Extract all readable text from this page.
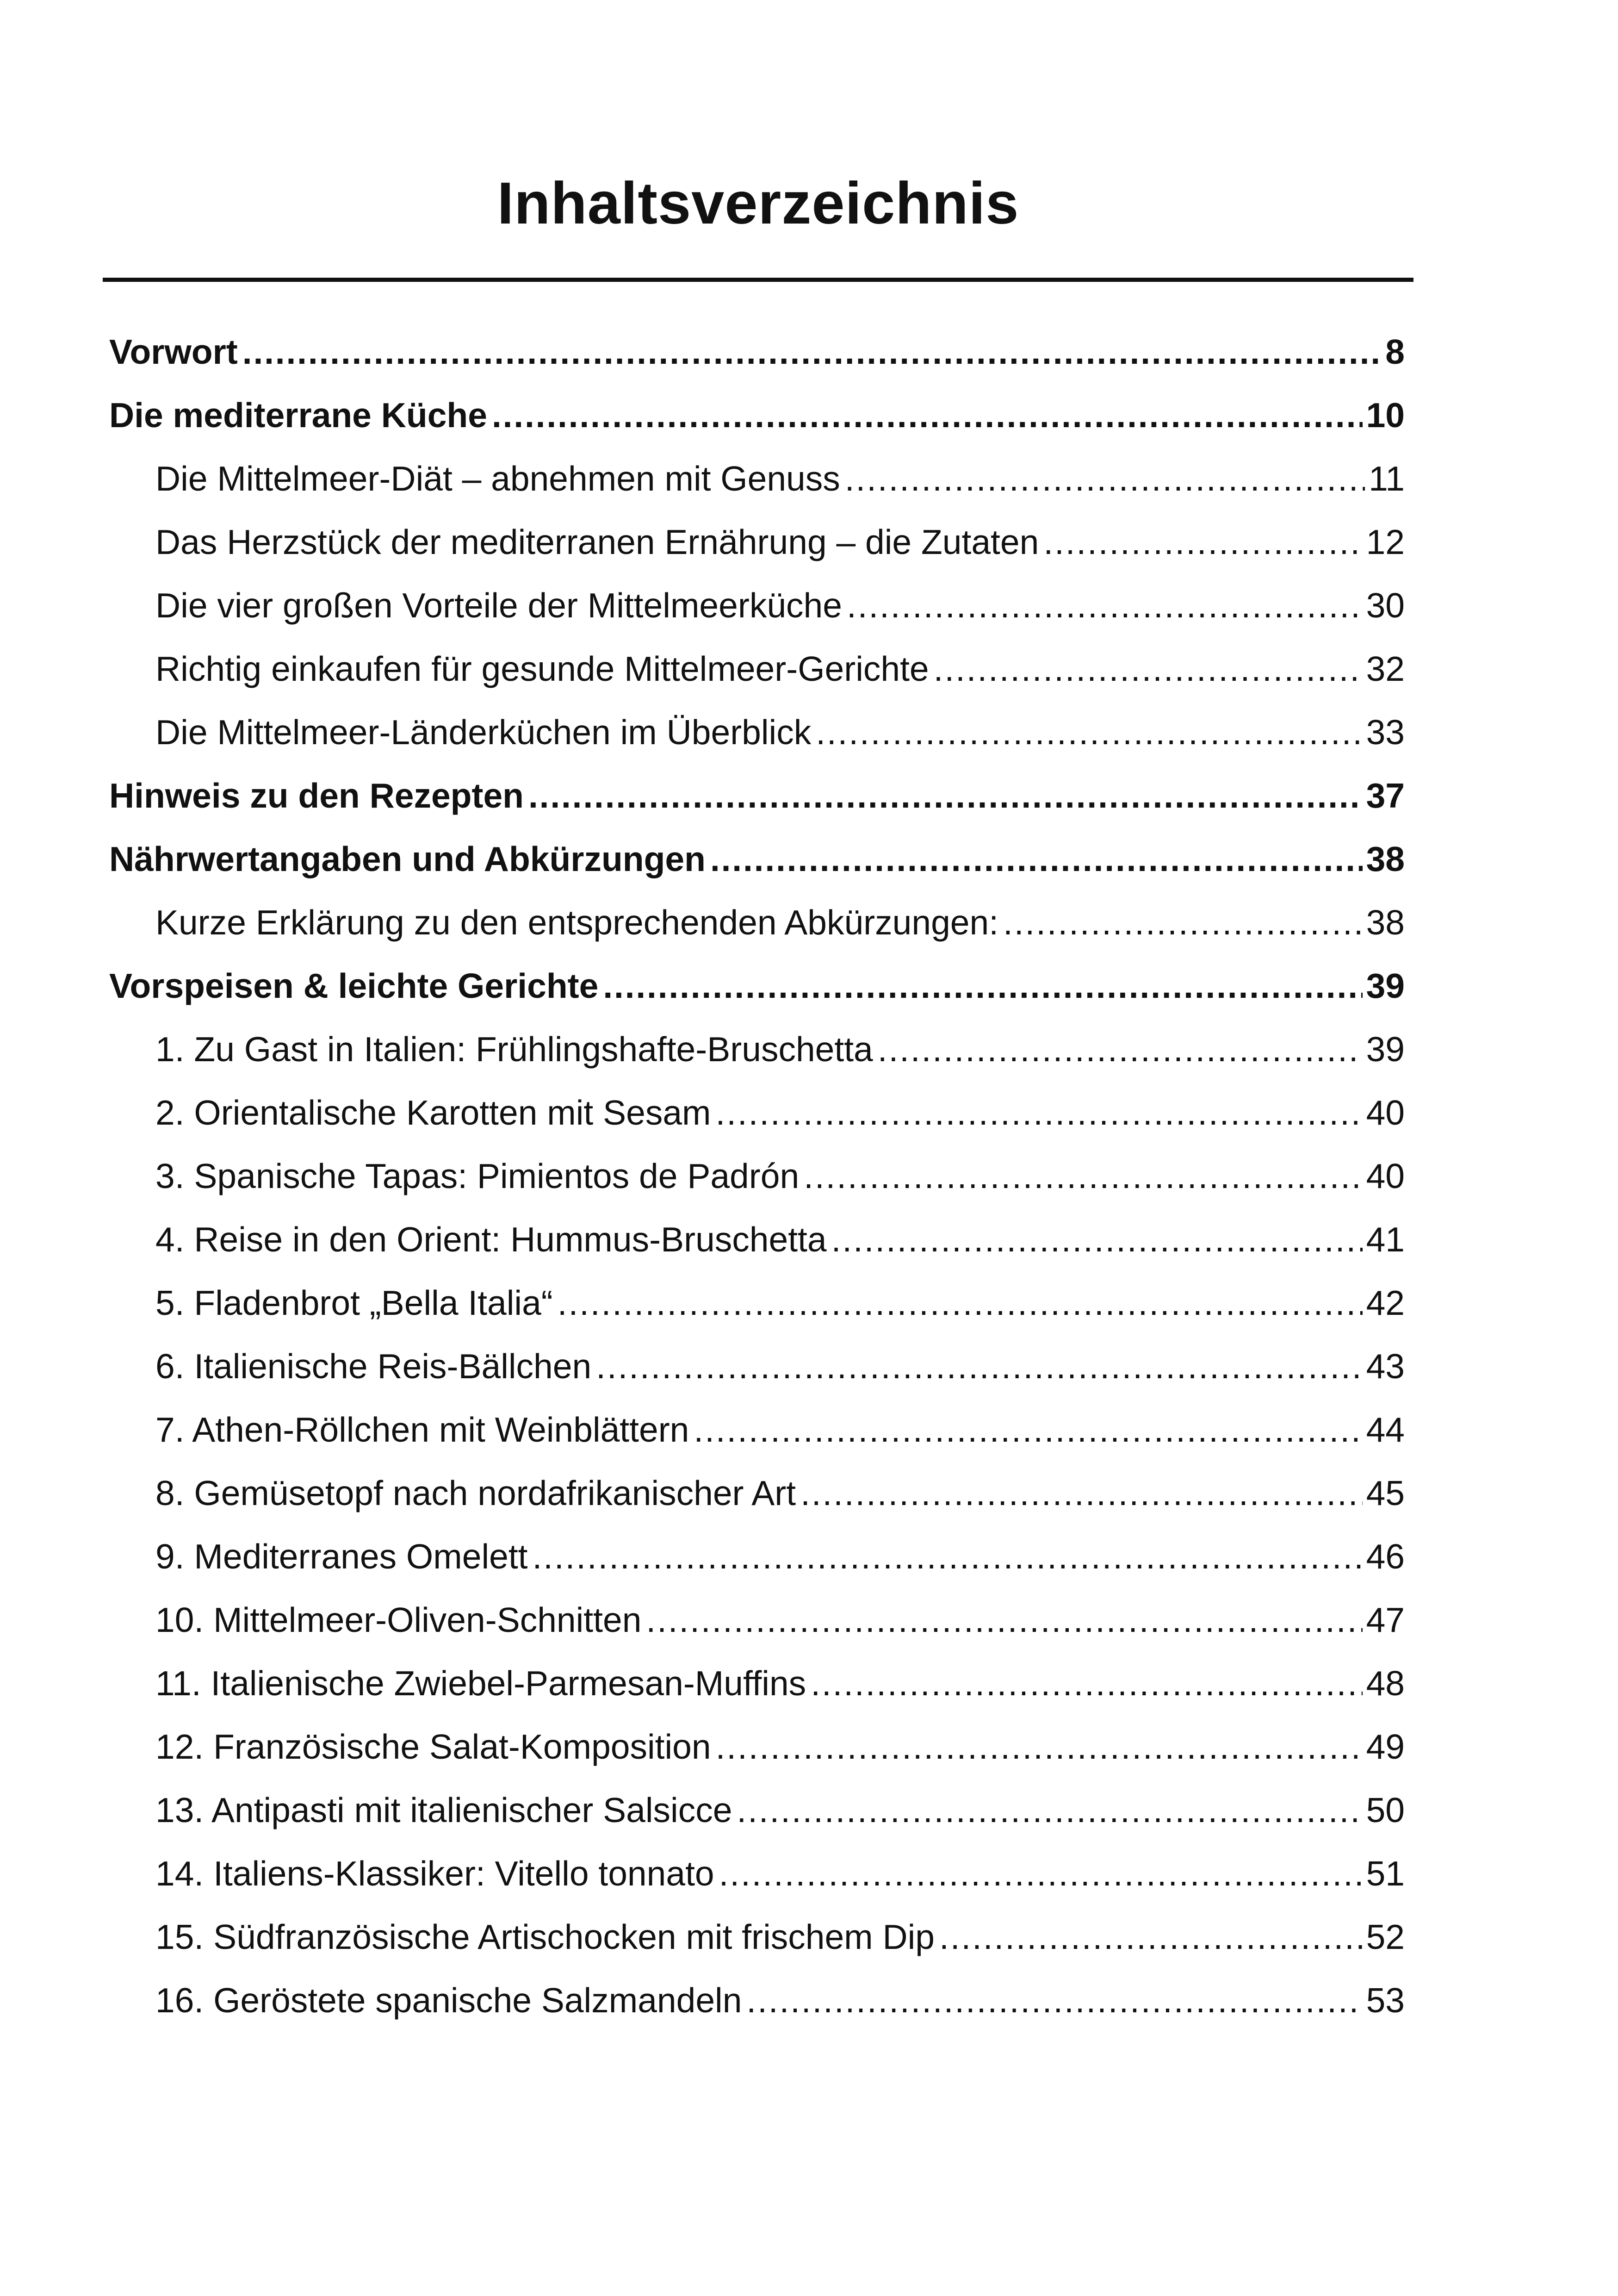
Inhaltsverzeichnis
Vorwort . . .	8
Die mediterrane Küche . . .	10
Die Mittelmeer-Diät – abnehmen mit Genuss . . .	11
Das Herzstück der mediterranen Ernährung – die Zutaten . . .	12
Die vier großen Vorteile der Mittelmeerküche . . .	30
Richtig einkaufen für gesunde Mittelmeer-Gerichte . . .	32
Die Mittelmeer-Länderküchen im Überblick . . .	33
Hinweis zu den Rezepten . . .	37
Nährwertangaben und Abkürzungen . . .	38
Kurze Erklärung zu den entsprechenden Abkürzungen: . . .	38
Vorspeisen & leichte Gerichte . . .	39
1. Zu Gast in Italien: Frühlingshafte-Bruschetta . . .	39
2. Orientalische Karotten mit Sesam . . .	40
3. Spanische Tapas: Pimientos de Padrón . . .	40
4. Reise in den Orient: Hummus-Bruschetta . . .	41
5. Fladenbrot „Bella Italia“ . . .	42
6. Italienische Reis-Bällchen . . .	43
7. Athen-Röllchen mit Weinblättern . . .	44
8. Gemüsetopf nach nordafrikanischer Art . . .	45
9. Mediterranes Omelett . . .	46
10. Mittelmeer-Oliven-Schnitten . . .	47
11. Italienische Zwiebel-Parmesan-Muffins . . .	48
12. Französische Salat-Komposition . . .	49
13. Antipasti mit italienischer Salsicce . . .	50
14. Italiens-Klassiker: Vitello tonnato . . .	51
15. Südfranzösische Artischocken mit frischem Dip . . .	52
16. Geröstete spanische Salzmandeln . . .	53
